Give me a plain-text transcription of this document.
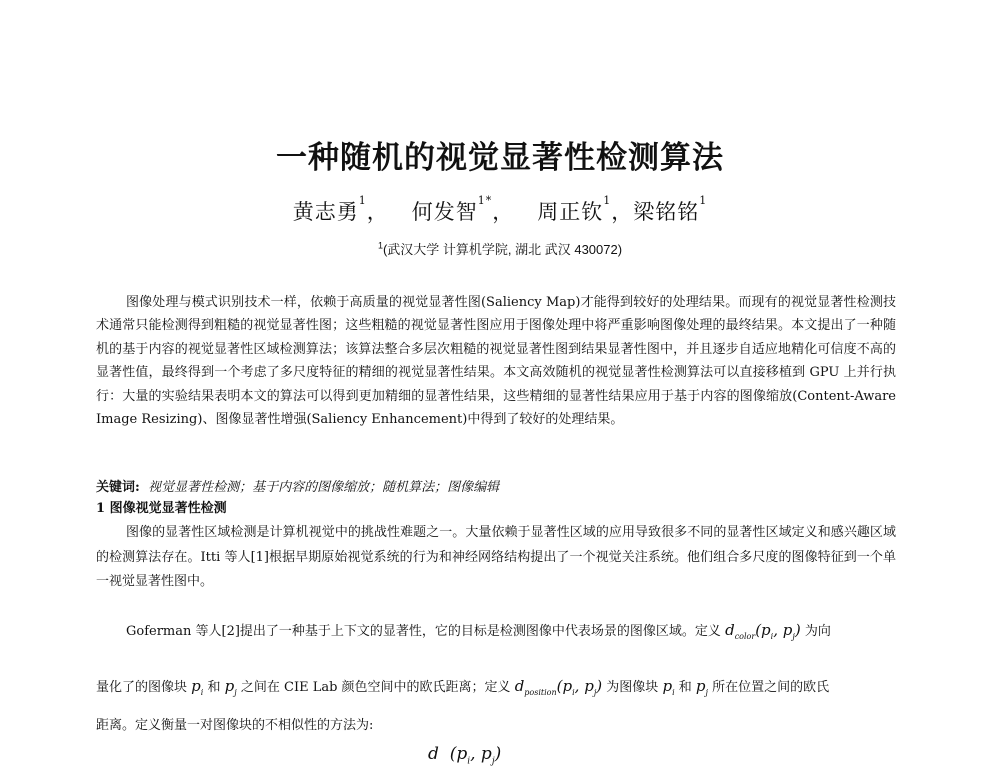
一种随机的视觉显著性检测算法
黄志勇$^1$， 何发智$^{1*}$， 周正钦$^1$，梁铭铭$^1$
$^1$(武汉大学 计算机学院, 湖北 武汉 430072)

图像处理与模式识别技术一样，依赖于高质量的视觉显著性图(Saliency Map)才能得到较好的处理结果。而现有的视觉显著性检测技术通常只能检测得到粗糙的视觉显著性图；这些粗糙的视觉显著性图应用于图像处理中将严重影响图像处理的最终结果。本文提出了一种随机的基于内容的视觉显著性区域检测算法；该算法整合多层次粗糙的视觉显著性图到结果显著性图中，并且逐步自适应地精化可信度不高的显著性值，最终得到一个考虑了多尺度特征的精细的视觉显著性结果。本文高效随机的视觉显著性检测算法可以直接移植到 GPU 上并行执行：大量的实验结果表明本文的算法可以得到更加精细的显著性结果，这些精细的显著性结果应用于基于内容的图像缩放(Content-Aware Image Resizing)、图像显著性增强(Saliency Enhancement)中得到了较好的处理结果。

关键词: 视觉显著性检测；基于内容的图像缩放；随机算法；图像编辑
1 图像视觉显著性检测

图像的显著性区域检测是计算机视觉中的挑战性难题之一。大量依赖于显著性区域的应用导致很多不同的显著性区域定义和感兴趣区域的检测算法存在。Itti 等人[1]根据早期原始视觉系统的行为和神经网络结构提出了一个视觉关注系统。他们组合多尺度的图像特征到一个单一视觉显著性图中。

Goferman 等人[2]提出了一种基于上下文的显著性，它的目标是检测图像中代表场景的图像区域。定义 $d_{color}(p_i$, $p_j$) 为向
量化了的图像块 $p_i$ 和 $p_j$ 之间在 CIE Lab 颜色空间中的欧氏距离；定义 $d_{position}(p_i$, $p_j$) 为图像块 $p_i$ 和 $p_j$ 所在位置之间的欧氏
距离。定义衡量一对图像块的不相似性的方法为:
d ($p_i$, $p_j$)
